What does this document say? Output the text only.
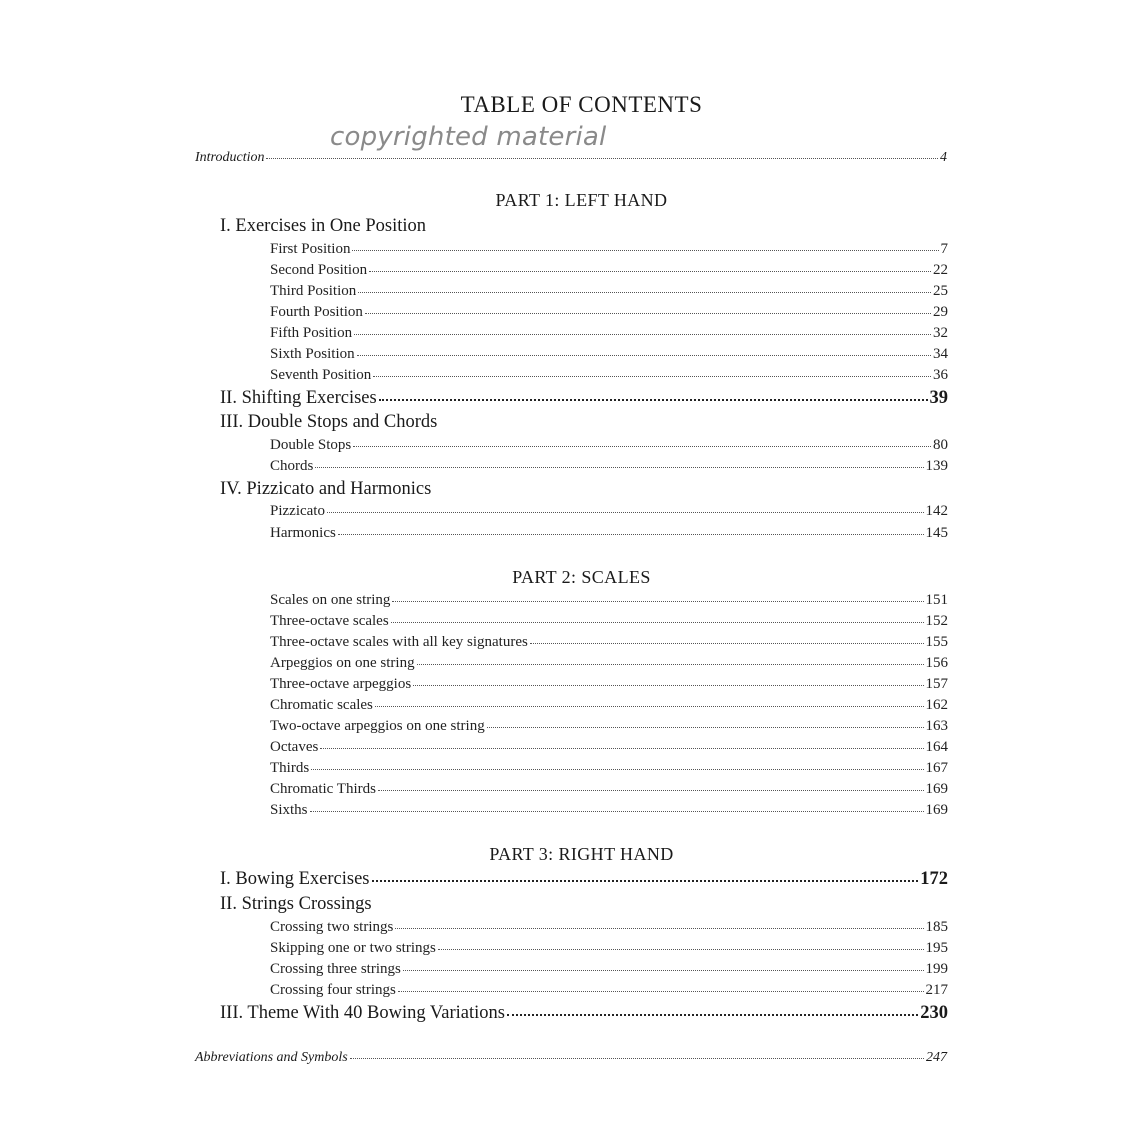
TABLE OF CONTENTS
copyrighted material
Introduction	4
PART 1: LEFT HAND
I. Exercises in One Position
First Position	7
Second Position	22
Third Position	25
Fourth Position	29
Fifth Position	32
Sixth Position	34
Seventh Position	36
II. Shifting Exercises	39
III. Double Stops and Chords
Double Stops	80
Chords	139
IV. Pizzicato and Harmonics
Pizzicato	142
Harmonics	145
PART 2: SCALES
Scales on one string	151
Three-octave scales	152
Three-octave scales with all key signatures	155
Arpeggios on one string	156
Three-octave arpeggios	157
Chromatic scales	162
Two-octave arpeggios on one string	163
Octaves	164
Thirds	167
Chromatic Thirds	169
Sixths	169
PART 3: RIGHT HAND
I. Bowing Exercises	172
II. Strings Crossings
Crossing two strings	185
Skipping one or two strings	195
Crossing three strings	199
Crossing four strings	217
III. Theme With 40 Bowing Variations	230
Abbreviations and Symbols	247
